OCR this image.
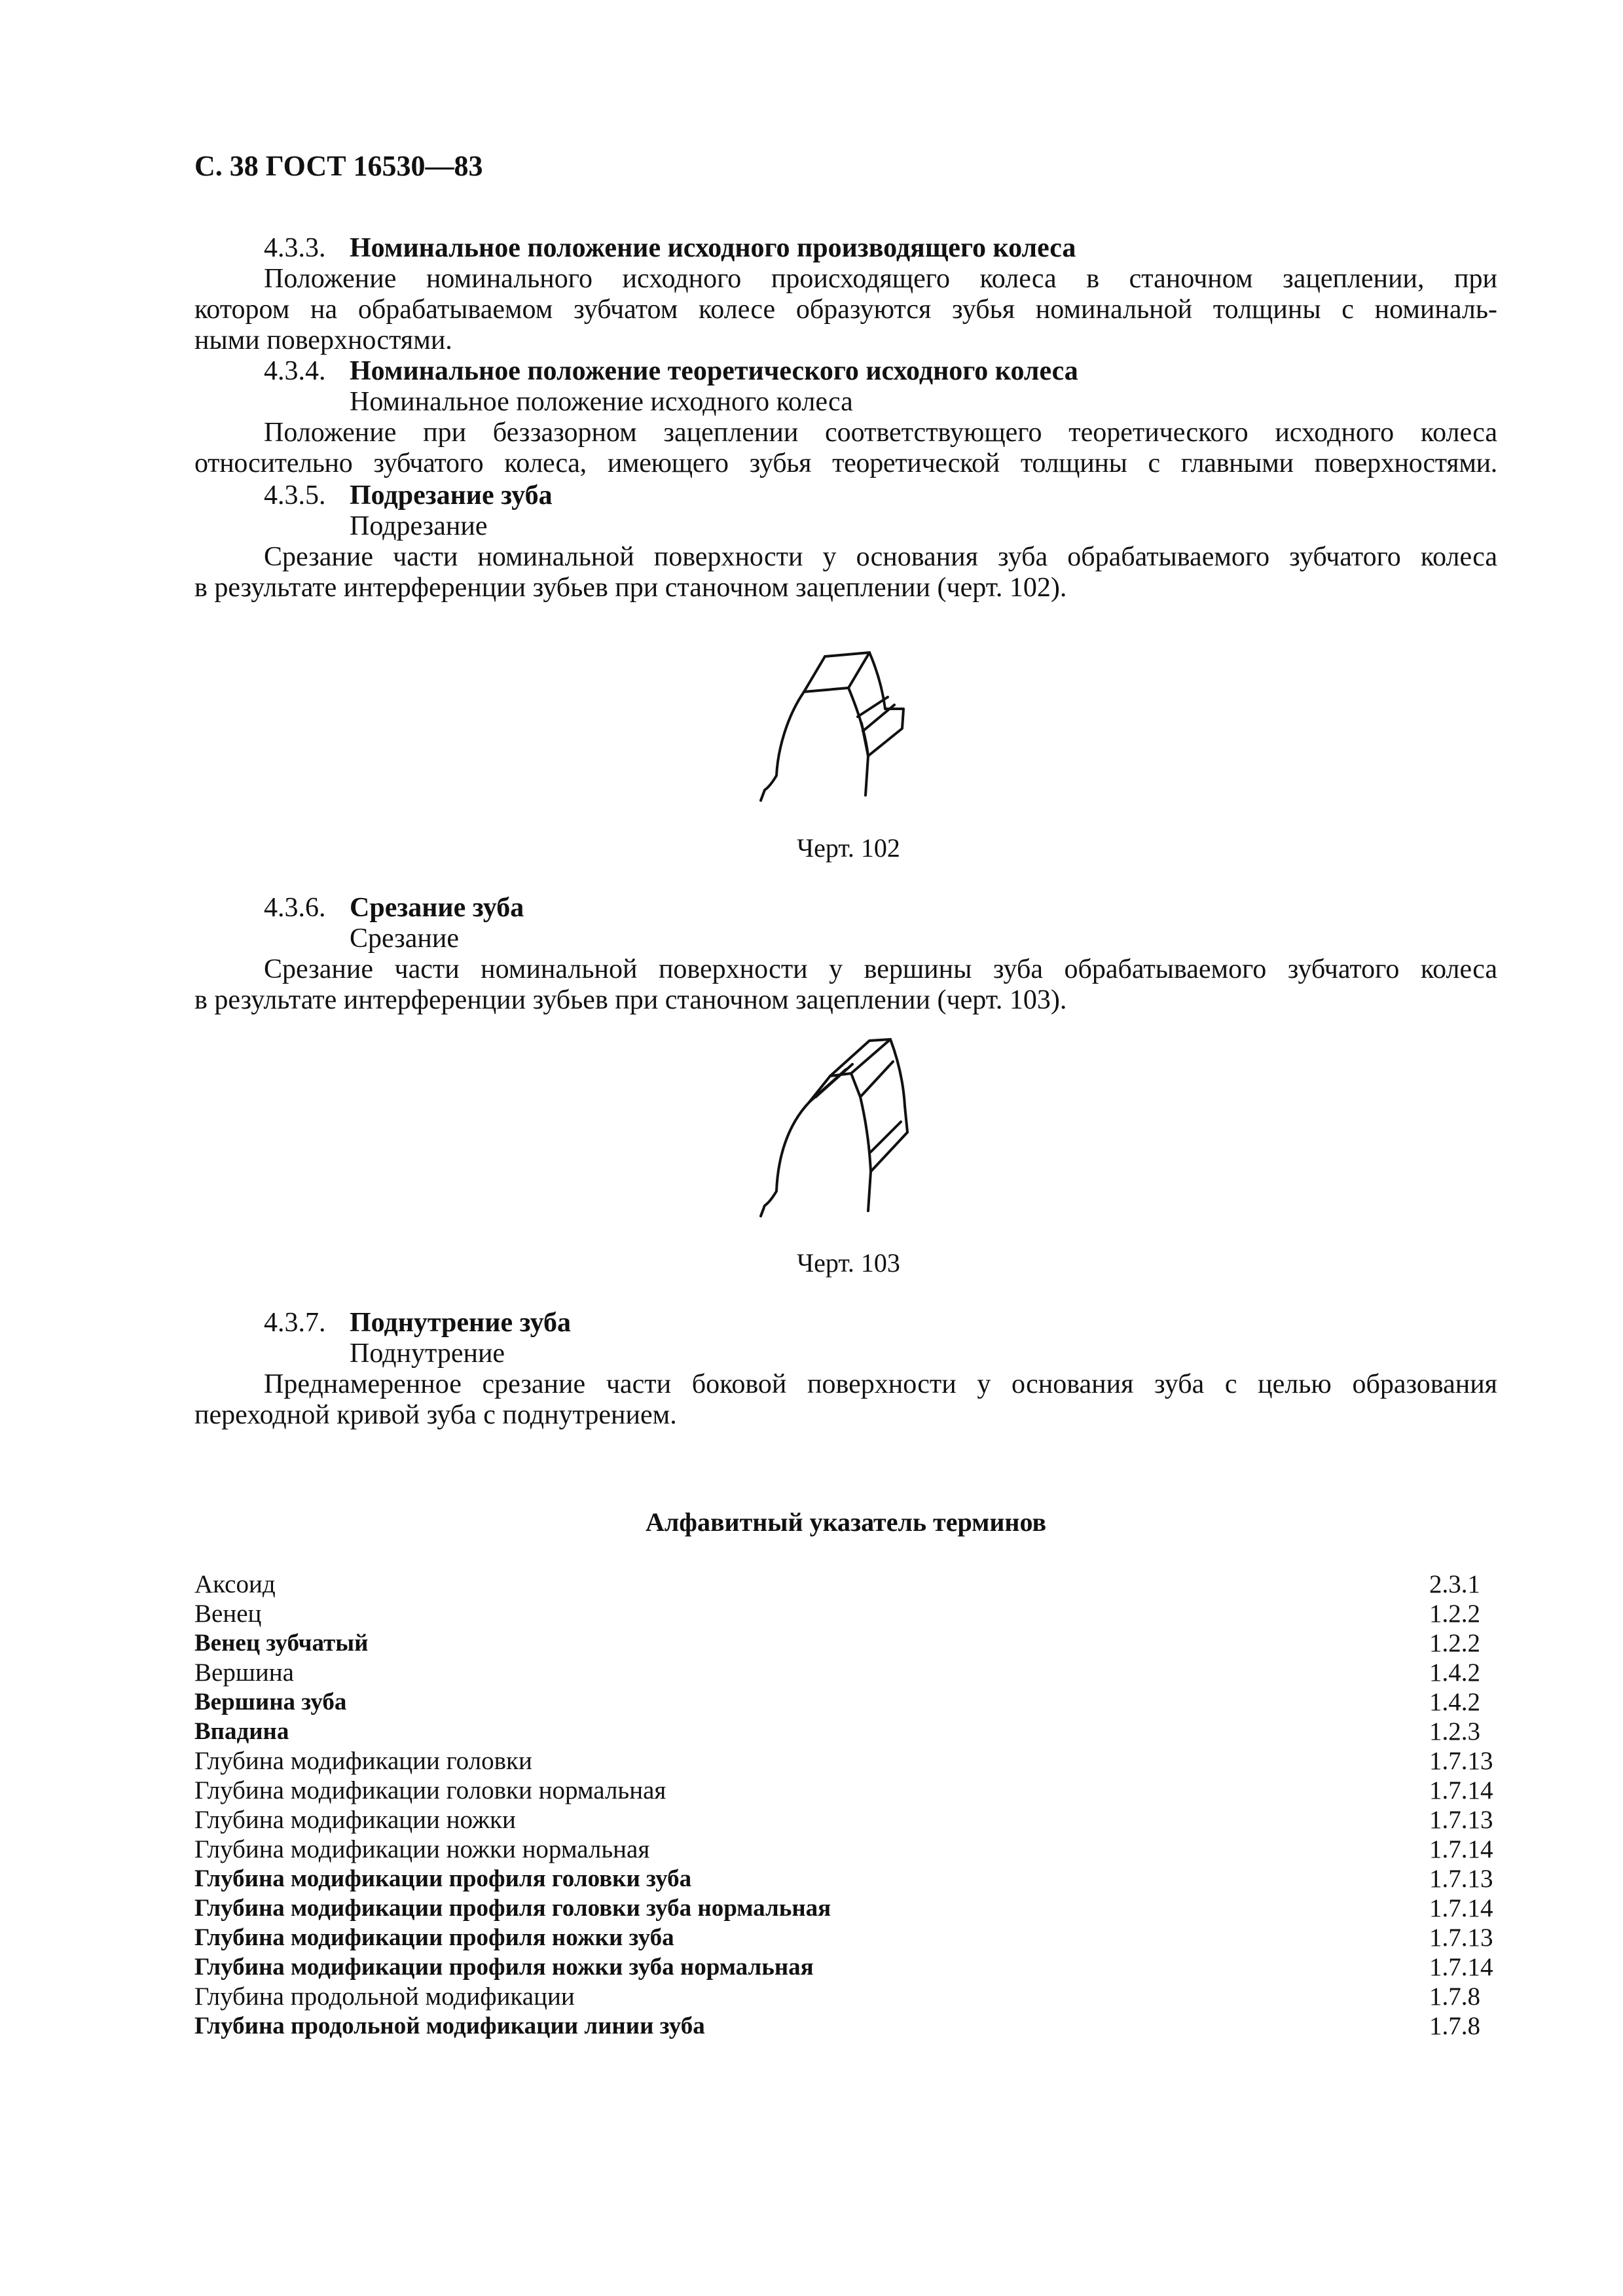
С. 38 ГОСТ 16530—83
4.3.3. Номинальное положение исходного производящего колеса
Положение номинального исходного происходящего колеса в станочном зацеплении, при
котором на обрабатываемом зубчатом колесе образуются зубья номинальной толщины с номиналь-
ными поверхностями.
4.3.4. Номинальное положение теоретического исходного колеса
Номинальное положение исходного колеса
Положение при беззазорном зацеплении соответствующего теоретического исходного колеса
относительно зубчатого колеса, имеющего зубья теоретической толщины с главными поверхностями.
4.3.5. Подрезание зуба
Подрезание
Срезание части номинальной поверхности у основания зуба обрабатываемого зубчатого колеса
в результате интерференции зубьев при станочном зацеплении (черт. 102).
Черт. 102
4.3.6. Срезание зуба
Срезание
Срезание части номинальной поверхности у вершины зуба обрабатываемого зубчатого колеса
в результате интерференции зубьев при станочном зацеплении (черт. 103).
Черт. 103
4.3.7. Поднутрение зуба
Поднутрение
Преднамеренное срезание части боковой поверхности у основания зуба с целью образования
переходной кривой зуба с поднутрением.
Алфавитный указатель терминов
Аксоид	2.3.1
Венец	1.2.2
Венец зубчатый	1.2.2
Вершина	1.4.2
Вершина зуба	1.4.2
Впадина	1.2.3
Глубина модификации головки	1.7.13
Глубина модификации головки нормальная	1.7.14
Глубина модификации ножки	1.7.13
Глубина модификации ножки нормальная	1.7.14
Глубина модификации профиля головки зуба	1.7.13
Глубина модификации профиля головки зуба нормальная	1.7.14
Глубина модификации профиля ножки зуба	1.7.13
Глубина модификации профиля ножки зуба нормальная	1.7.14
Глубина продольной модификации	1.7.8
Глубина продольной модификации линии зуба	1.7.8
